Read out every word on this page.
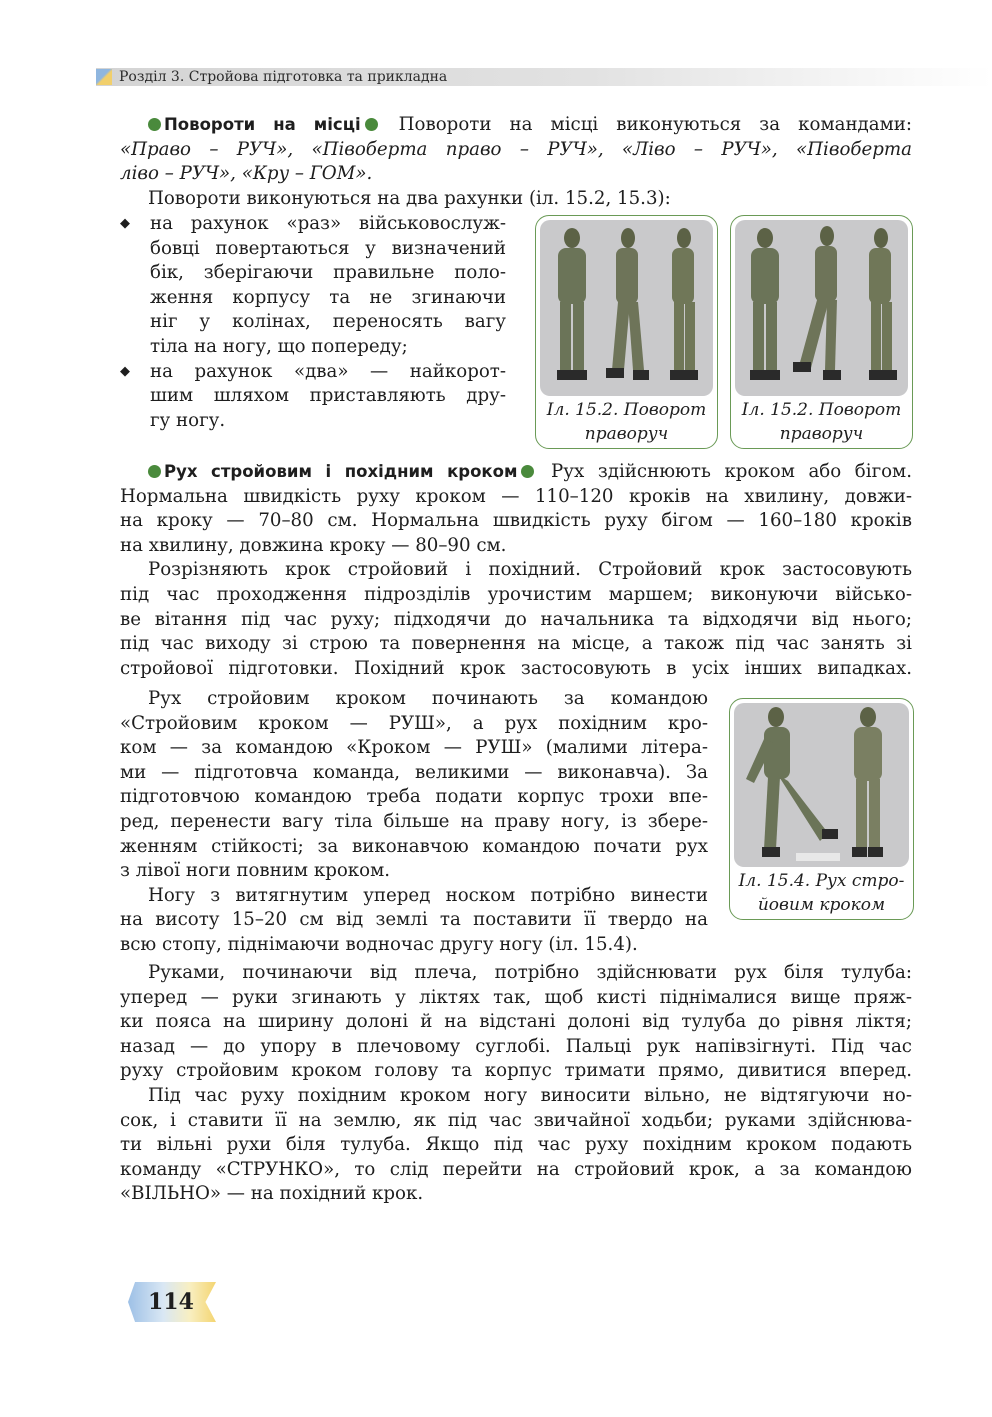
Розділ 3. Стройова підготовка та прикладна
Повороти на місці Повороти на місці виконуються за командами:
«Право – РУЧ», «Півоберта право – РУЧ», «Ліво – РУЧ», «Півоберта
ліво – РУЧ», «Кру – ГОМ».
Повороти виконуються на два рахунки (іл. 15.2, 15.3):
◆ на рахунок «раз» військовослуж-
бовці повертаються у визначений
бік, зберігаючи правильне поло-
ження корпусу та не згинаючи
ніг у колінах, переносять вагу
тіла на ногу, що попереду;
◆ на рахунок «два» — найкорот-
шим шляхом приставляють дру-
гу ногу.	Іл. 15.2. Поворот
праворуч
Іл. 15.2. Поворот
праворуч
Рух стройовим і похідним кроком Рух здійснюють кроком або бігом.
Нормальна швидкість руху кроком — 110–120 кроків на хвилину, довжи-
на кроку — 70–80 см. Нормальна швидкість руху бігом — 160–180 кроків
на хвилину, довжина кроку — 80–90 см.
Розрізняють крок стройовий і похідний. Стройовий крок застосовують
під час проходження підрозділів урочистим маршем; виконуючи військо-
ве вітання під час руху; підходячи до начальника та відходячи від нього;
під час виходу зі строю та повернення на місце, а також під час занять зі
стройової підготовки. Похідний крок застосовують в усіх інших випадках.
Рух стройовим кроком починають за командою
«Стройовим кроком — РУШ», а рух похідним кро-
ком — за командою «Кроком — РУШ» (малими літера-
ми — підготовча команда, великими — виконавча). За
підготовчою командою треба подати корпус трохи впе-
ред, перенести вагу тіла більше на праву ногу, із збере-
женням стійкості; за виконавчою командою почати рух
з лівої ноги повним кроком.
Ногу з витягнутим уперед носком потрібно винести
на висоту 15–20 см від землі та поставити її твердо на
всю стопу, піднімаючи водночас другу ногу (іл. 15.4).
Іл. 15.4. Рух стро-
йовим кроком
Руками, починаючи від плеча, потрібно здійснювати рух біля тулуба:
уперед — руки згинають у ліктях так, щоб кисті піднімалися вище пряж-
ки пояса на ширину долоні й на відстані долоні від тулуба до рівня ліктя;
назад — до упору в плечовому суглобі. Пальці рук напівзігнуті. Під час
руху стройовим кроком голову та корпус тримати прямо, дивитися вперед.
Під час руху похідним кроком ногу виносити вільно, не відтягуючи но-
сок, і ставити її на землю, як під час звичайної ходьби; руками здійснюва-
ти вільні рухи біля тулуба. Якщо під час руху похідним кроком подають
команду «СТРУНКО», то слід перейти на стройовий крок, а за командою
«ВІЛЬНО» — на похідний крок.
114
